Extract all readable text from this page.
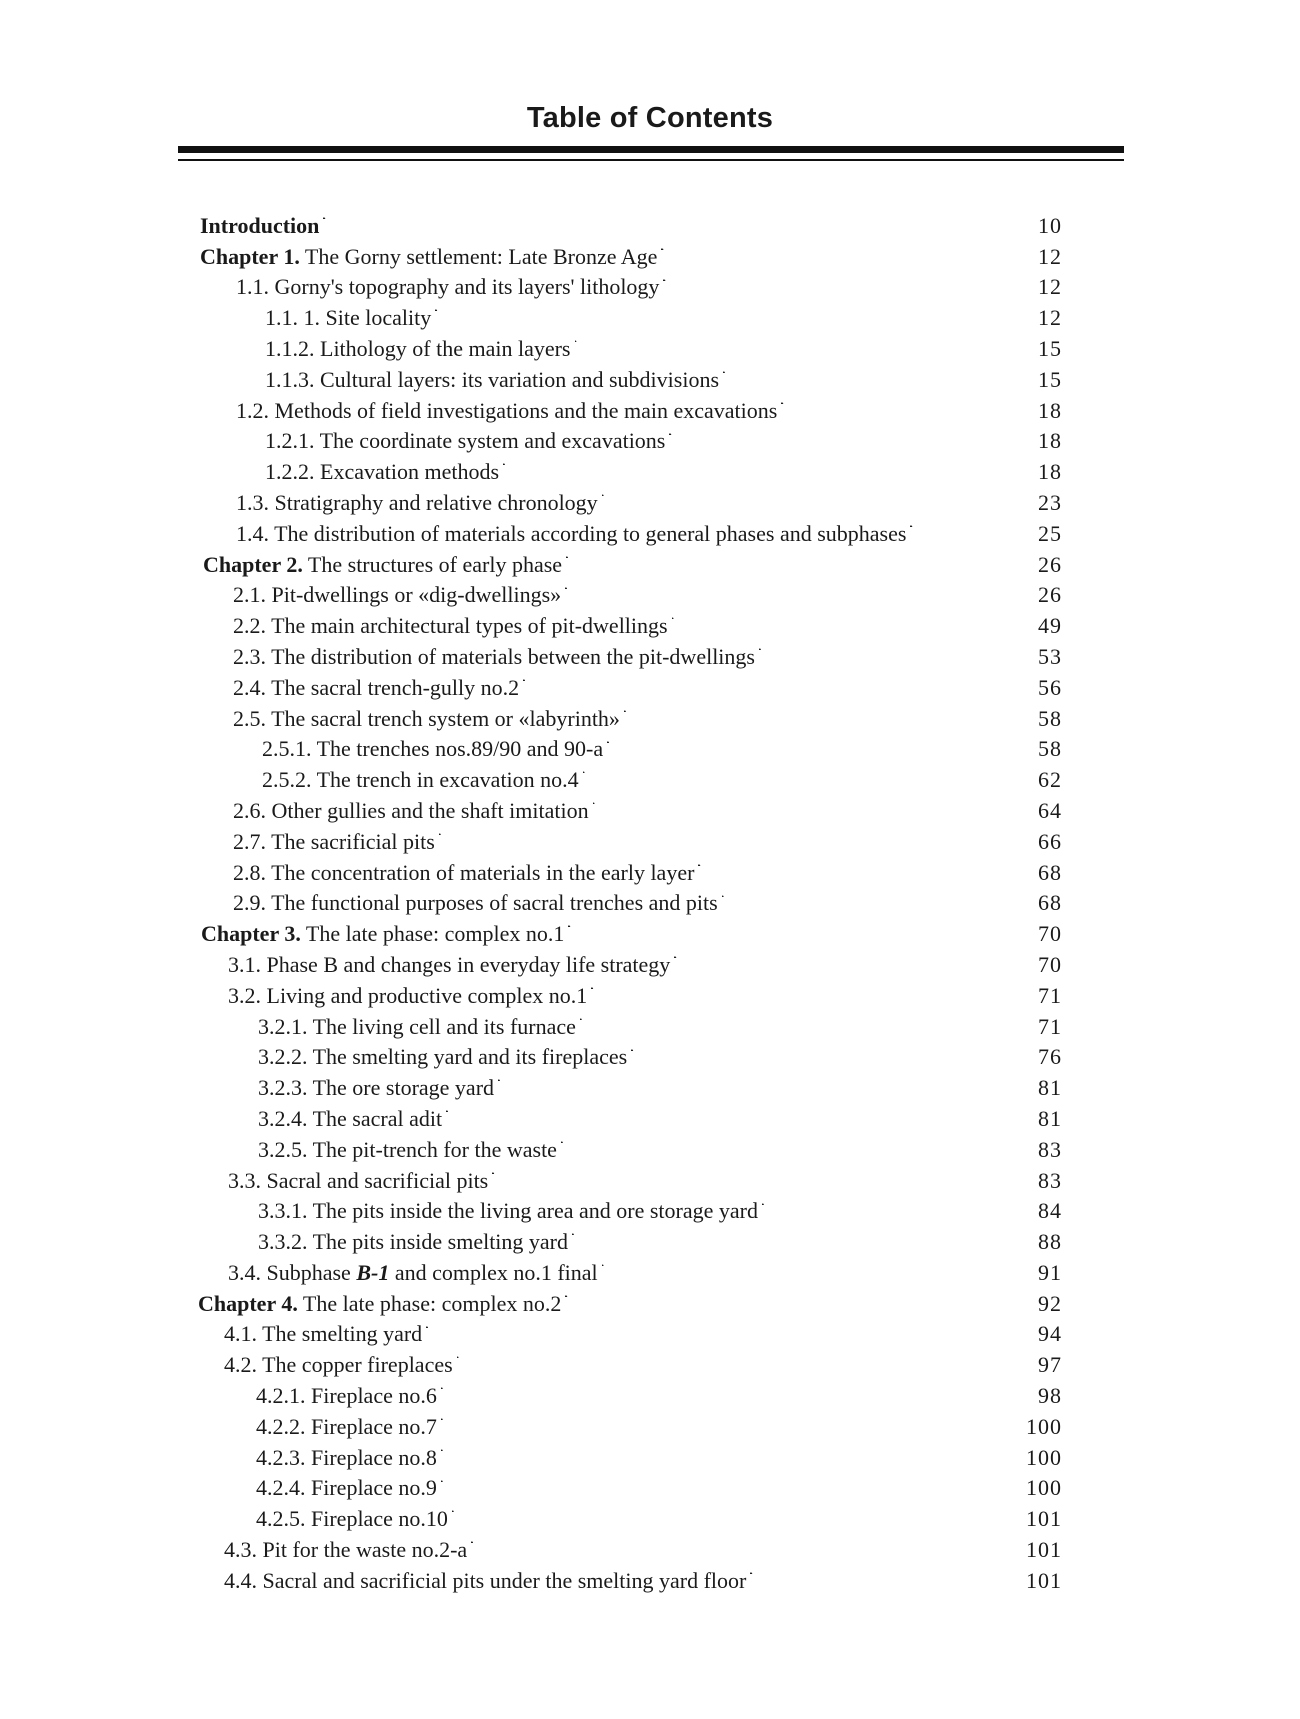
Table of Contents
Introduction . . .	10
Chapter 1. The Gorny settlement: Late Bronze Age . . .	12
1.1. Gorny's topography and its layers' lithology . . .	12
1.1. 1. Site locality . . .	12
1.1.2. Lithology of the main layers . . .	15
1.1.3. Cultural layers: its variation and subdivisions . . .	15
1.2. Methods of field investigations and the main excavations . . .	18
1.2.1. The coordinate system and excavations . . .	18
1.2.2. Excavation methods . . .	18
1.3. Stratigraphy and relative chronology . . .	23
1.4. The distribution of materials according to general phases and subphases . . .	25
Chapter 2. The structures of early phase . . .	26
2.1. Pit-dwellings or «dig-dwellings» . . .	26
2.2. The main architectural types of pit-dwellings . . .	49
2.3. The distribution of materials between the pit-dwellings . . .	53
2.4. The sacral trench-gully no.2 . . .	56
2.5. The sacral trench system or «labyrinth» . . .	58
2.5.1. The trenches nos.89/90 and 90-a . . .	58
2.5.2. The trench in excavation no.4 . . .	62
2.6. Other gullies and the shaft imitation . . .	64
2.7. The sacrificial pits . . .	66
2.8. The concentration of materials in the early layer . . .	68
2.9. The functional purposes of sacral trenches and pits . . .	68
Chapter 3. The late phase: complex no.1 . . .	70
3.1. Phase B and changes in everyday life strategy . . .	70
3.2. Living and productive complex no.1 . . .	71
3.2.1. The living cell and its furnace . . .	71
3.2.2. The smelting yard and its fireplaces . . .	76
3.2.3. The ore storage yard . . .	81
3.2.4. The sacral adit . . .	81
3.2.5. The pit-trench for the waste . . .	83
3.3. Sacral and sacrificial pits . . .	83
3.3.1. The pits inside the living area and ore storage yard . . .	84
3.3.2. The pits inside smelting yard . . .	88
3.4. Subphase B-1 and complex no.1 final . . .	91
Chapter 4. The late phase: complex no.2 . . .	92
4.1. The smelting yard . . .	94
4.2. The copper fireplaces . . .	97
4.2.1. Fireplace no.6 . . .	98
4.2.2. Fireplace no.7 . . .	100
4.2.3. Fireplace no.8 . . .	100
4.2.4. Fireplace no.9 . . .	100
4.2.5. Fireplace no.10 . . .	101
4.3. Pit for the waste no.2-a . . .	101
4.4. Sacral and sacrificial pits under the smelting yard floor . . .	101
